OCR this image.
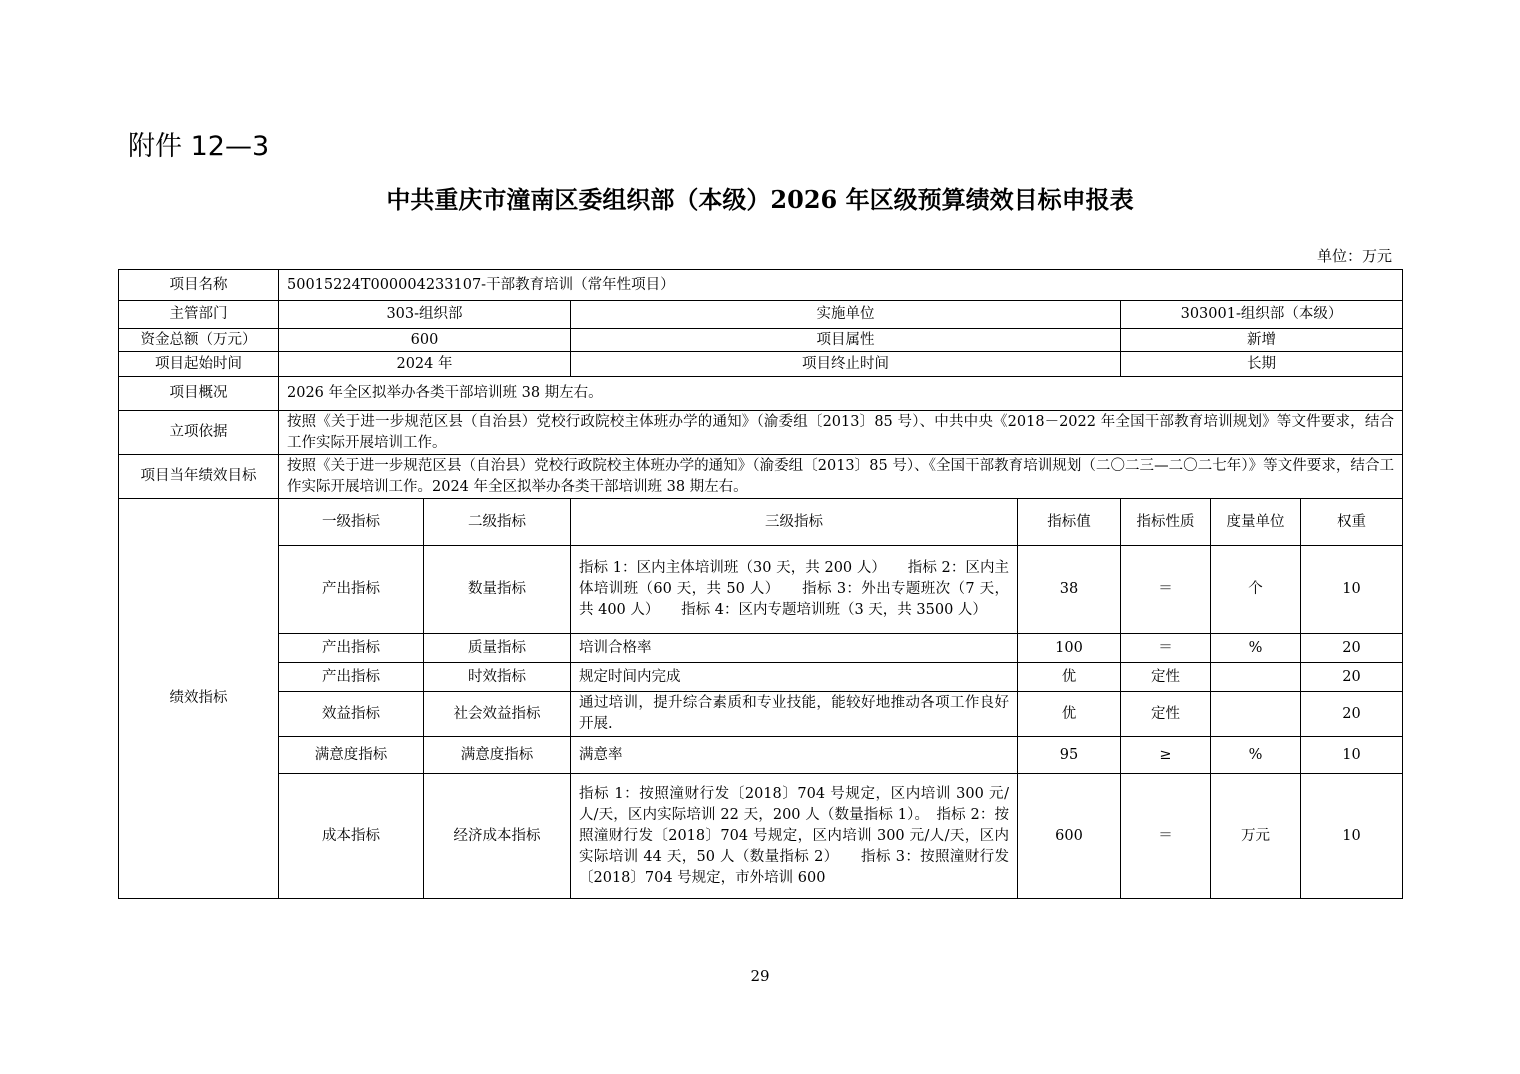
附件 12—3
中共重庆市潼南区委组织部（本级）2026 年区级预算绩效目标申报表
单位：万元
项目名称	50015224T000004233107-干部教育培训（常年性项目）						
主管部门	303-组织部		实施单位		303001-组织部（本级）		
资金总额（万元）	600		项目属性		新增		
项目起始时间	2024 年		项目终止时间		长期		
项目概况	2026 年全区拟举办各类干部培训班 38 期左右。						
立项依据	按照《关于进一步规范区县（自治县）党校行政院校主体班办学的通知》（渝委组〔2013〕85 号）、中共中央《2018－2022 年全国干部教育培训规划》等文件要求，结合工作实际开展培训工作。						
项目当年绩效目标	按照《关于进一步规范区县（自治县）党校行政院校主体班办学的通知》（渝委组〔2013〕85 号）、《全国干部教育培训规划（二〇二三—二〇二七年）》等文件要求，结合工作实际开展培训工作。2024 年全区拟举办各类干部培训班 38 期左右。						
绩效指标	一级指标	二级指标	三级指标	指标值	指标性质	度量单位	权重
	产出指标	数量指标	指标 1：区内主体培训班（30 天，共 200 人）　　指标 2：区内主体培训班（60 天，共 50 人）　　指标 3：外出专题班次（7 天，共 400 人）　　指标 4：区内专题培训班（3 天，共 3500 人）	38	＝	个	10
	产出指标	质量指标	培训合格率	100	＝	%	20
	产出指标	时效指标	规定时间内完成	优	定性		20
	效益指标	社会效益指标	通过培训，提升综合素质和专业技能，能较好地推动各项工作良好开展.	优	定性		20
	满意度指标	满意度指标	满意率	95	≥	%	10
	成本指标	经济成本指标	指标 1：按照潼财行发〔2018〕704 号规定，区内培训 300 元/人/天，区内实际培训 22 天，200 人（数量指标 1）。　指标 2：按照潼财行发〔2018〕704 号规定，区内培训 300 元/人/天，区内实际培训 44 天，50 人（数量指标 2）　　指标 3：按照潼财行发〔2018〕704 号规定，市外培训 600	600	＝	万元	10
29
